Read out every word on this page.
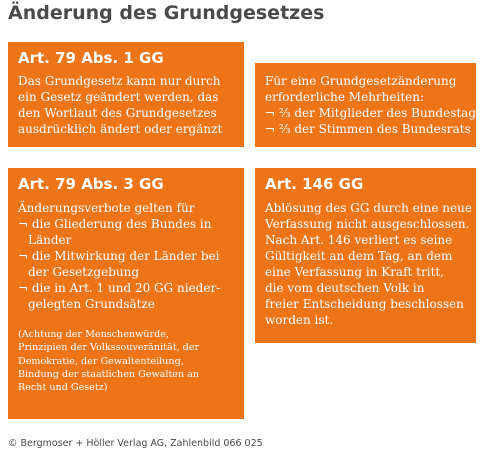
Änderung des Grundgesetzes
Art. 79 Abs. 1 GG
Das Grundgesetz kann nur durch
ein Gesetz geändert werden, das
den Wortlaut des Grundgesetzes
ausdrücklich ändert oder ergänzt
Für eine Grundgesetzänderung
erforderliche Mehrheiten:
¬ ⅔ der Mitglieder des Bundestags
¬ ⅔ der Stimmen des Bundesrats
Art. 79 Abs. 3 GG
Änderungsverbote gelten für
¬ die Gliederung des Bundes in
Länder
¬ die Mitwirkung der Länder bei
der Gesetzgebung
¬ die in Art. 1 und 20 GG nieder-
gelegten Grundsätze
(Achtung der Menschenwürde,
Prinzipien der Volkssouveränität, der
Demokratie, der Gewaltenteilung,
Bindung der staatlichen Gewalten an
Recht und Gesetz)
Art. 146 GG
Ablösung des GG durch eine neue
Verfassung nicht ausgeschlossen.
Nach Art. 146 verliert es seine
Gültigkeit an dem Tag, an dem
eine Verfassung in Kraft tritt,
die vom deutschen Volk in
freier Entscheidung beschlossen
worden ist.
© Bergmoser + Höller Verlag AG, Zahlenbild 066 025
